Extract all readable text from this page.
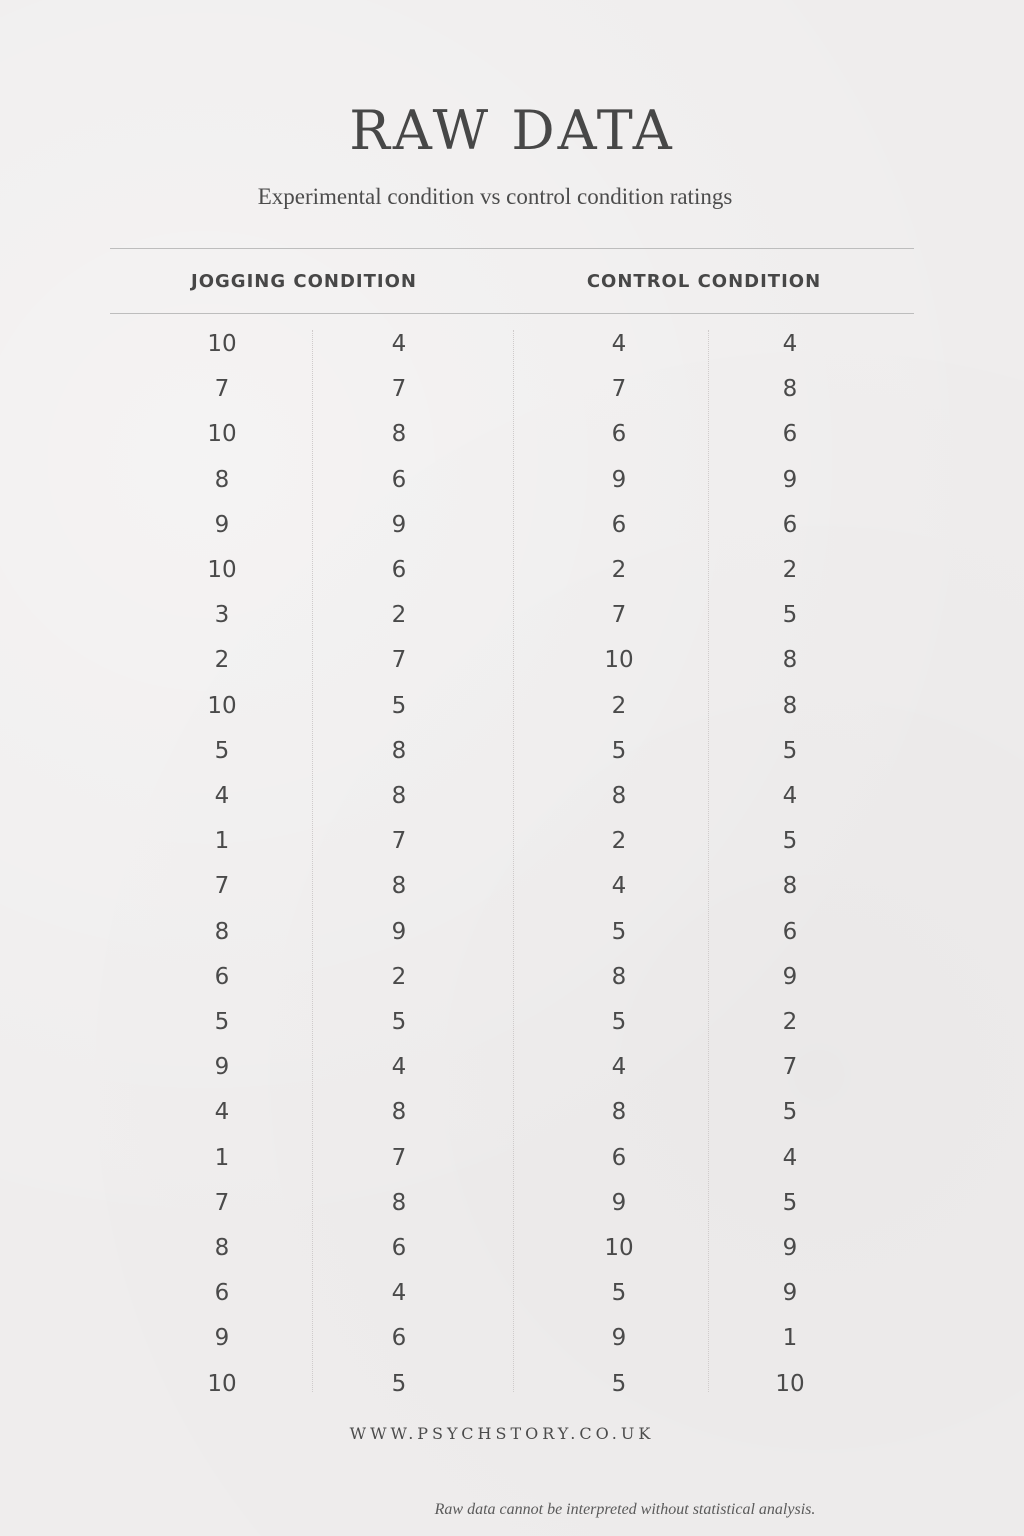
RAW DATA

Experimental condition vs control condition ratings

JOGGING CONDITION	CONTROL CONDITION
10	4	4	4
7	7	7	8
10	8	6	6
8	6	9	9
9	9	6	6
10	6	2	2
3	2	7	5
2	7	10	8
10	5	2	8
5	8	5	5
4	8	8	4
1	7	2	5
7	8	4	8
8	9	5	6
6	2	8	9
5	5	5	2
9	4	4	7
4	8	8	5
1	7	6	4
7	8	9	5
8	6	10	9
6	4	5	9
9	6	9	1
10	5	5	10
WWW.PSYCHSTORY.CO.UK
Raw data cannot be interpreted without statistical analysis.
